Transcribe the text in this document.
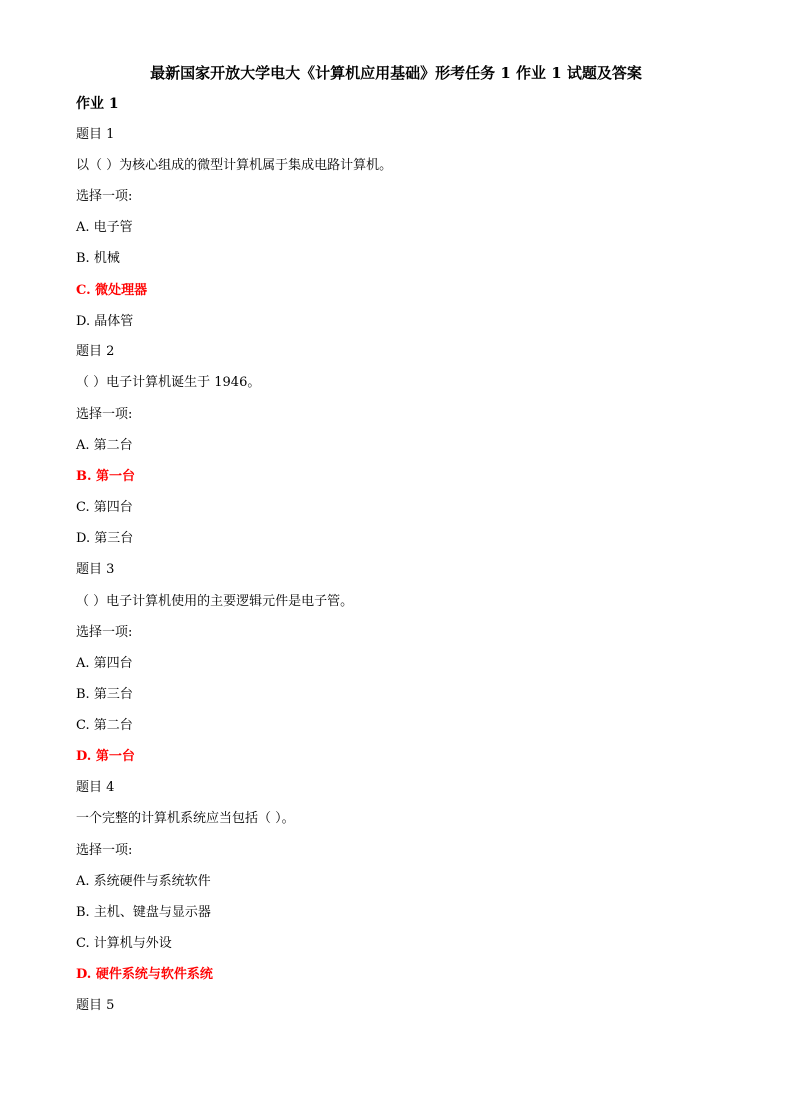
最新国家开放大学电大《计算机应用基础》形考任务 1 作业 1 试题及答案
作业 1
题目 1
以（ ）为核心组成的微型计算机属于集成电路计算机。
选择一项:
A. 电子管
B. 机械
C. 微处理器
D. 晶体管
题目 2
（ ）电子计算机诞生于 1946。
选择一项:
A. 第二台
B. 第一台
C. 第四台
D. 第三台
题目 3
（ ）电子计算机使用的主要逻辑元件是电子管。
选择一项:
A. 第四台
B. 第三台
C. 第二台
D. 第一台
题目 4
一个完整的计算机系统应当包括（ ）。
选择一项:
A. 系统硬件与系统软件
B. 主机、键盘与显示器
C. 计算机与外设
D. 硬件系统与软件系统
题目 5
